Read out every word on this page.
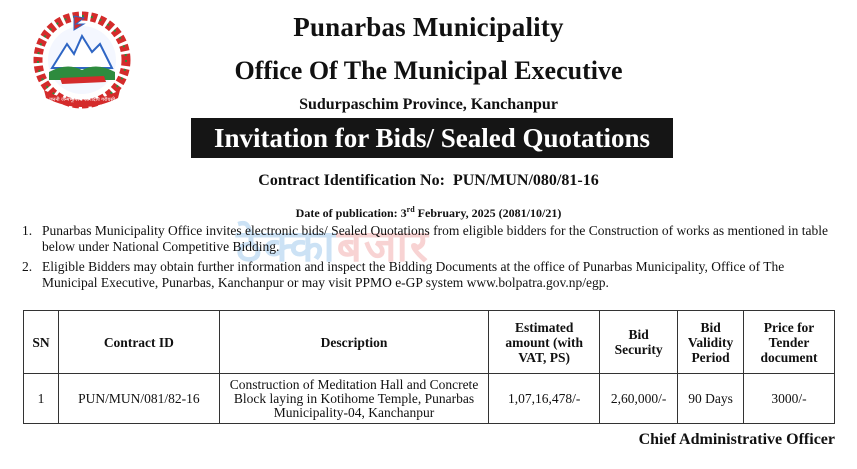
जननी जन्मभूमिश्च स्वर्गादपि गरीयसी
Punarbas Municipality
Office Of The Municipal Executive
Sudurpaschim Province, Kanchanpur
Invitation for Bids/ Sealed Quotations
Contract Identification No: PUN/MUN/080/81-16
Date of publication: 3rd February, 2025 (2081/10/21)
ठेक्काबजार
1. Punarbas Municipality Office invites electronic bids/ Sealed Quotations from eligible bidders for the Construction of works as mentioned in table below under National Competitive Bidding.
2. Eligible Bidders may obtain further information and inspect the Bidding Documents at the office of Punarbas Municipality, Office of The Municipal Executive, Punarbas, Kanchanpur or may visit PPMO e-GP system www.bolpatra.gov.np/egp.
SN	Contract ID	Description	Estimated amount (with VAT, PS)	Bid Security	Bid Validity Period	Price for Tender document
1	PUN/MUN/081/82-16	Construction of Meditation Hall and Concrete Block laying in Kotihome Temple, Punarbas Municipality-04, Kanchanpur	1,07,16,478/-	2,60,000/-	90 Days	3000/-
Chief Administrative Officer
